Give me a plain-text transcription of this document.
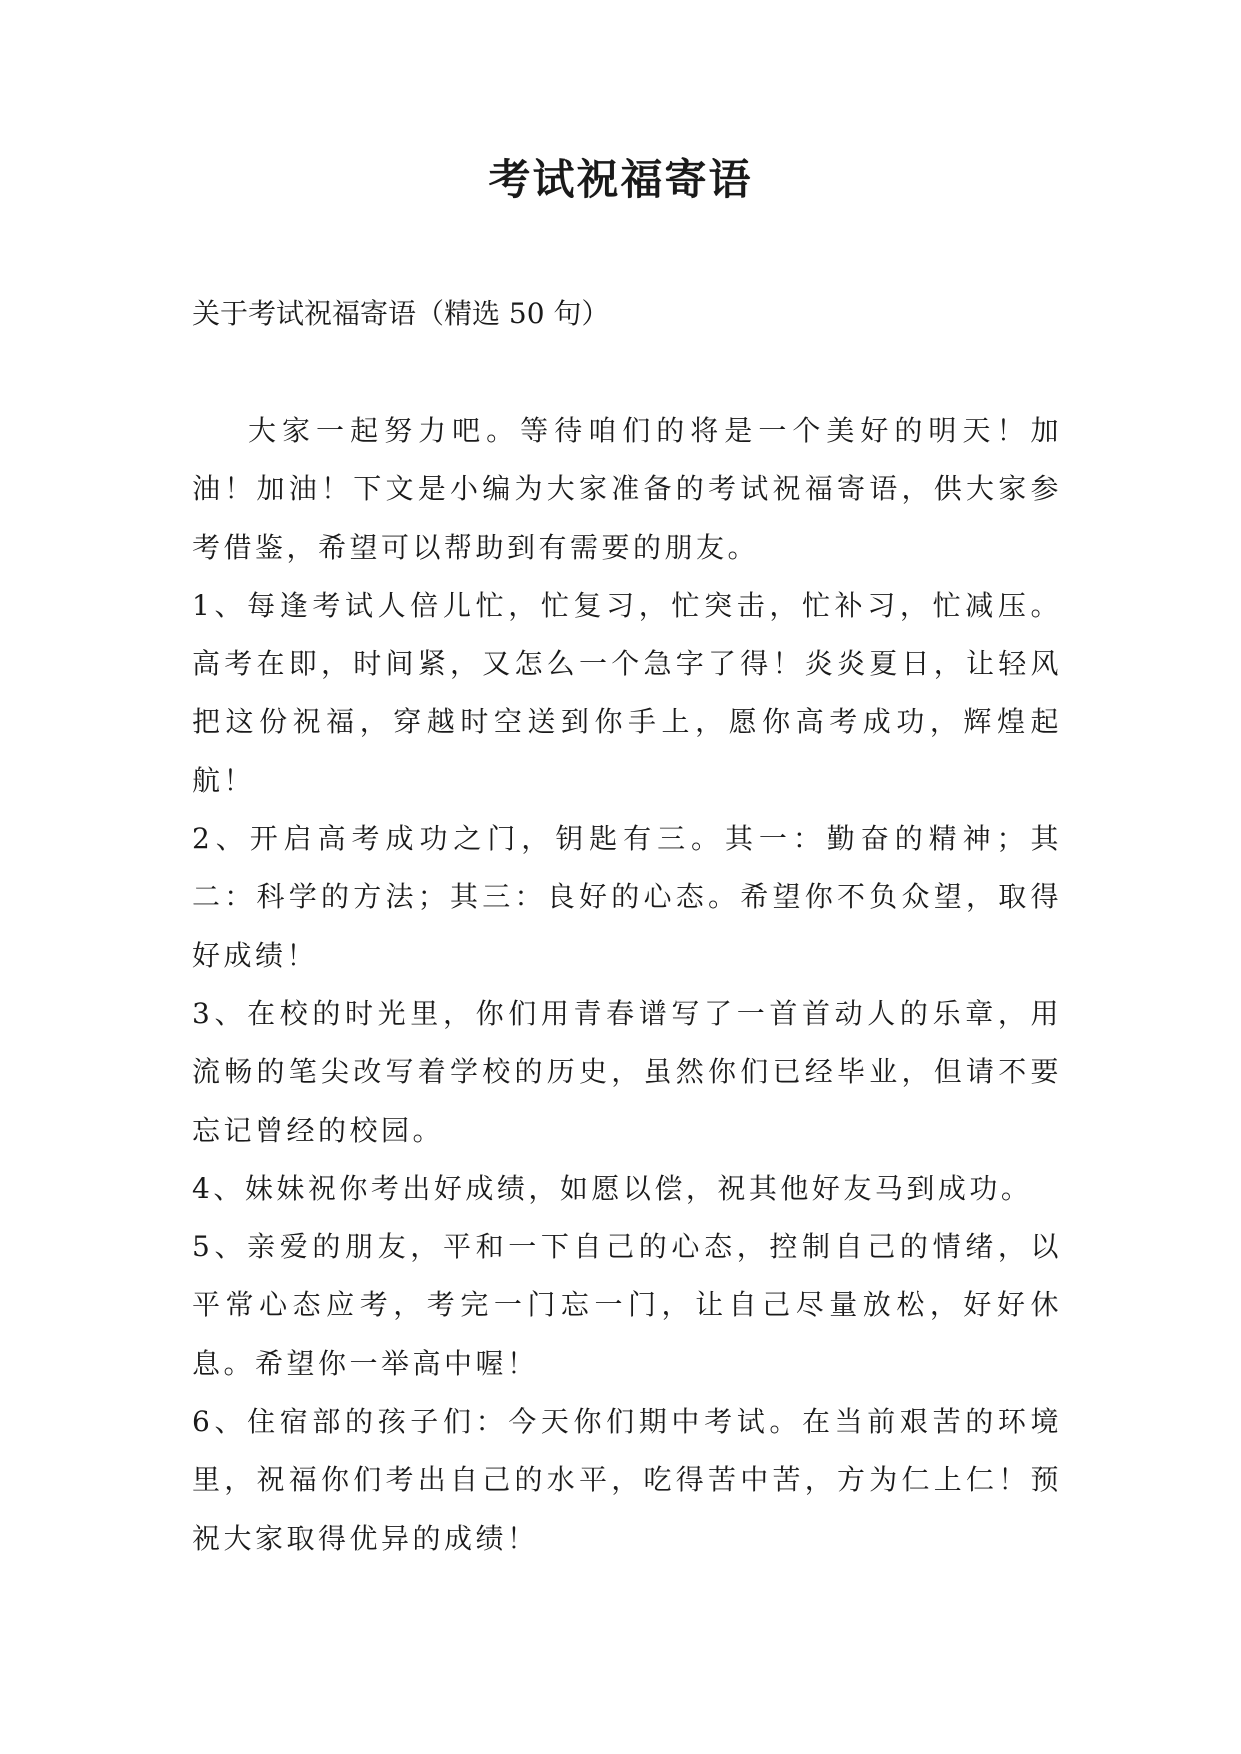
考试祝福寄语
关于考试祝福寄语（精选 50 句）

大家一起努力吧。等待咱们的将是一个美好的明天！加油！加油！下文是小编为大家准备的考试祝福寄语，供大家参考借鉴，希望可以帮助到有需要的朋友。

1、每逢考试人倍儿忙，忙复习，忙突击，忙补习，忙减压。高考在即，时间紧，又怎么一个急字了得！炎炎夏日，让轻风把这份祝福，穿越时空送到你手上，愿你高考成功，辉煌起航！

2、开启高考成功之门，钥匙有三。其一：勤奋的精神；其二：科学的方法；其三：良好的心态。希望你不负众望，取得好成绩！

3、在校的时光里，你们用青春谱写了一首首动人的乐章，用流畅的笔尖改写着学校的历史，虽然你们已经毕业，但请不要忘记曾经的校园。

4、妹妹祝你考出好成绩，如愿以偿，祝其他好友马到成功。

5、亲爱的朋友，平和一下自己的心态，控制自己的情绪，以平常心态应考，考完一门忘一门，让自己尽量放松，好好休息。希望你一举高中喔！

6、住宿部的孩子们：今天你们期中考试。在当前艰苦的环境里，祝福你们考出自己的水平，吃得苦中苦，方为仁上仁！预祝大家取得优异的成绩！
